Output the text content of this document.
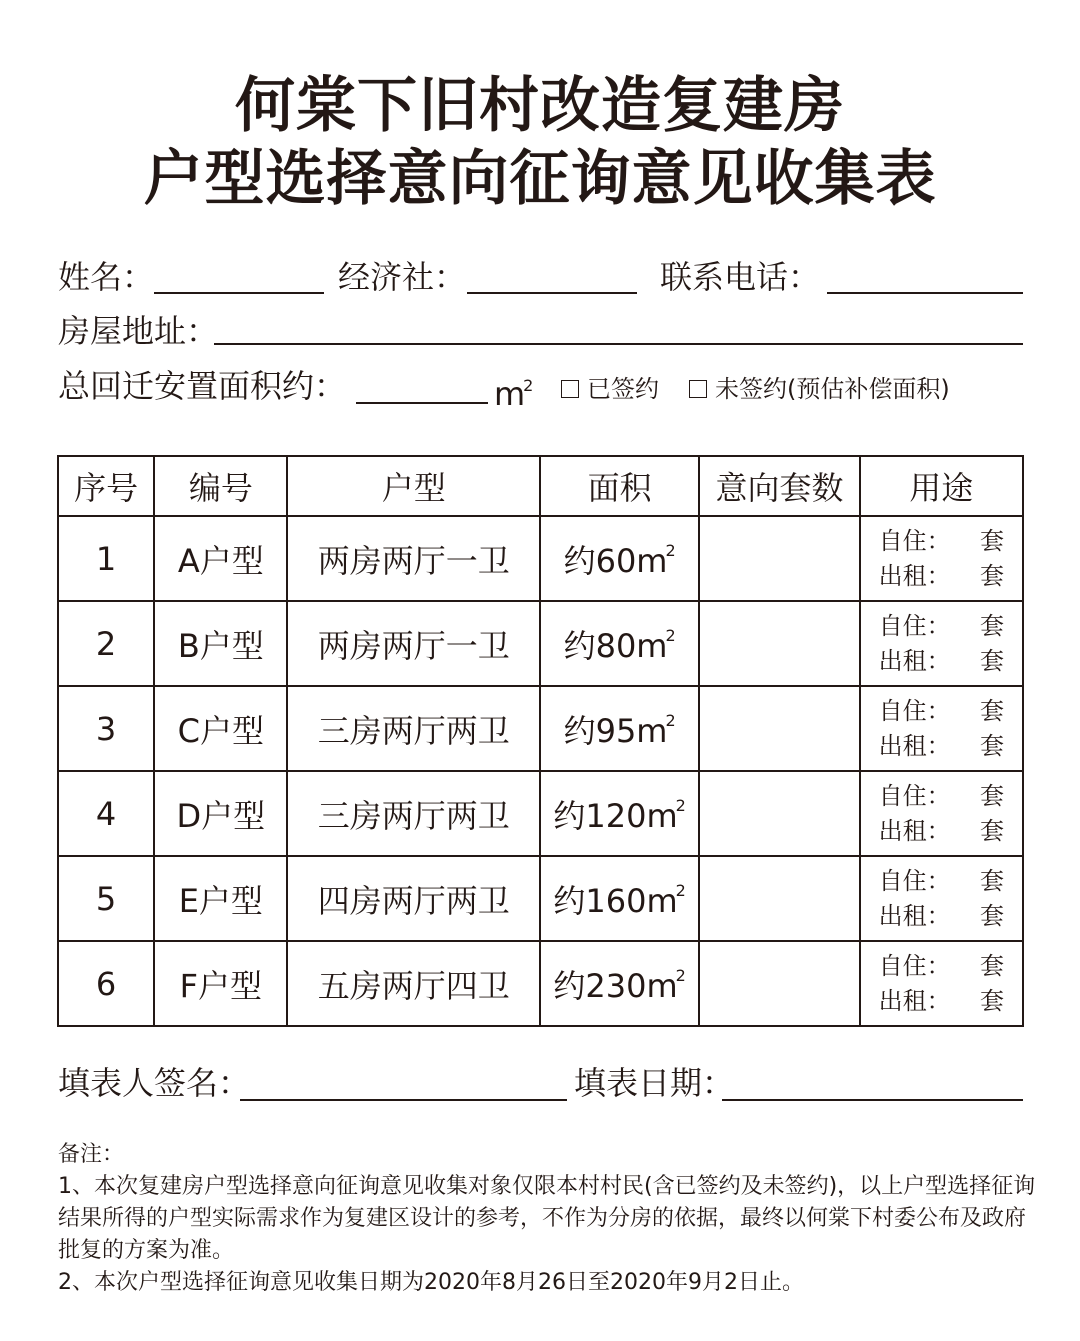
何棠下旧村改造复建房
户型选择意向征询意见收集表
姓名：	经济社：	联系电话：
房屋地址：
总回迁安置面积约：	$m^2$ 已签约 未签约(预估补偿面积)
序号	编号	户型	面积	意向套数	用途
1	A户型	两房两厅一卫	约$60m^2$		自住： 套
出租： 套

2	B户型	两房两厅一卫	约$80m^2$		自住： 套
出租： 套

3	C户型	三房两厅两卫	约$95m^2$		自住： 套
出租： 套

4	D户型	三房两厅两卫	约$120m^2$		自住： 套
出租： 套

5	E户型	四房两厅两卫	约$160m^2$		自住： 套
出租： 套

6	F户型	五房两厅四卫	约$230m^2$		自住： 套
出租： 套
填表人签名：	填表日期：

备注：

1、本次复建房户型选择意向征询意见收集对象仅限本村村民(含已签约及未签约)，以上户型选择征询结果所得的户型实际需求作为复建区设计的参考，不作为分房的依据，最终以何棠下村委公布及政府批复的方案为准。

2、本次户型选择征询意见收集日期为2020年8月26日至2020年9月2日止。
